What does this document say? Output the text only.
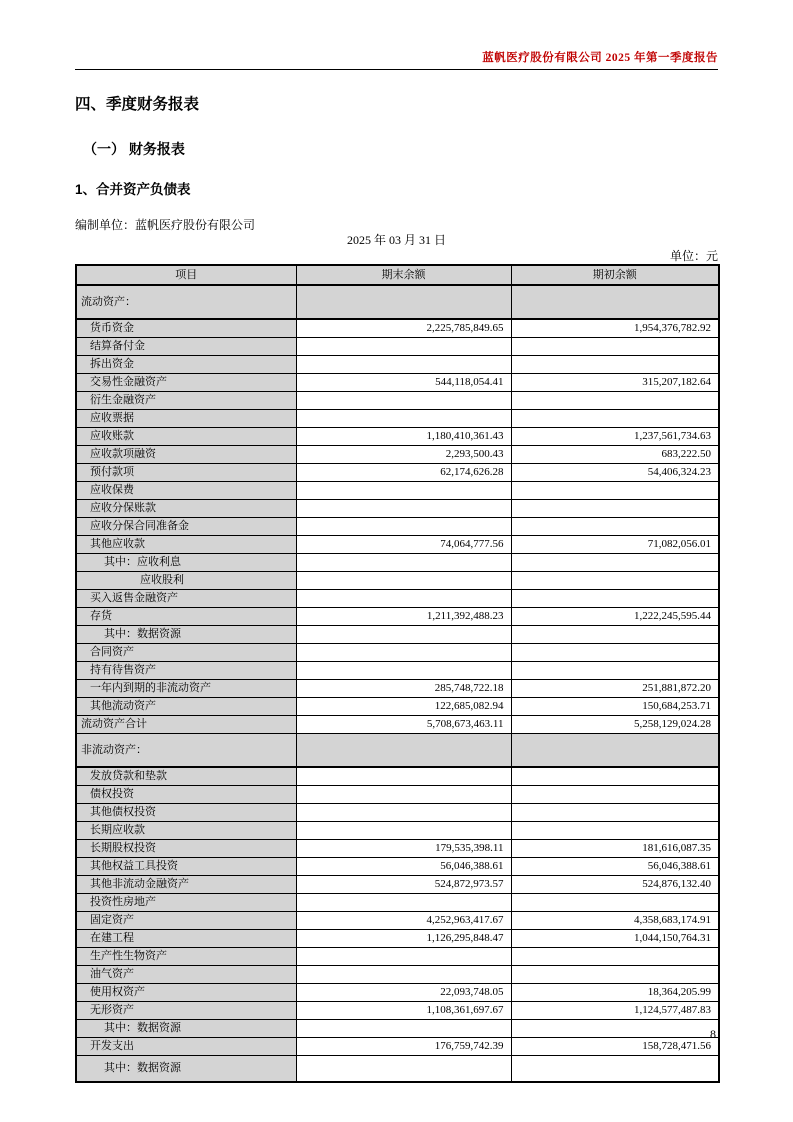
蓝帆医疗股份有限公司 2025 年第一季度报告
四、季度财务报表
（一） 财务报表
1、合并资产负债表
编制单位：蓝帆医疗股份有限公司
2025 年 03 月 31 日
单位：元
项目	期末余额	期初余额
流动资产：		
货币资金	2,225,785,849.65	1,954,376,782.92
结算备付金		
拆出资金		
交易性金融资产	544,118,054.41	315,207,182.64
衍生金融资产		
应收票据		
应收账款	1,180,410,361.43	1,237,561,734.63
应收款项融资	2,293,500.43	683,222.50
预付款项	62,174,626.28	54,406,324.23
应收保费		
应收分保账款		
应收分保合同准备金		
其他应收款	74,064,777.56	71,082,056.01
其中：应收利息		
应收股利		
买入返售金融资产		
存货	1,211,392,488.23	1,222,245,595.44
其中：数据资源		
合同资产		
持有待售资产		
一年内到期的非流动资产	285,748,722.18	251,881,872.20
其他流动资产	122,685,082.94	150,684,253.71
流动资产合计	5,708,673,463.11	5,258,129,024.28
非流动资产：		
发放贷款和垫款		
债权投资		
其他债权投资		
长期应收款		
长期股权投资	179,535,398.11	181,616,087.35
其他权益工具投资	56,046,388.61	56,046,388.61
其他非流动金融资产	524,872,973.57	524,876,132.40
投资性房地产		
固定资产	4,252,963,417.67	4,358,683,174.91
在建工程	1,126,295,848.47	1,044,150,764.31
生产性生物资产		
油气资产		
使用权资产	22,093,748.05	18,364,205.99
无形资产	1,108,361,697.67	1,124,577,487.83
其中：数据资源		
开发支出	176,759,742.39	158,728,471.56
其中：数据资源		
8
